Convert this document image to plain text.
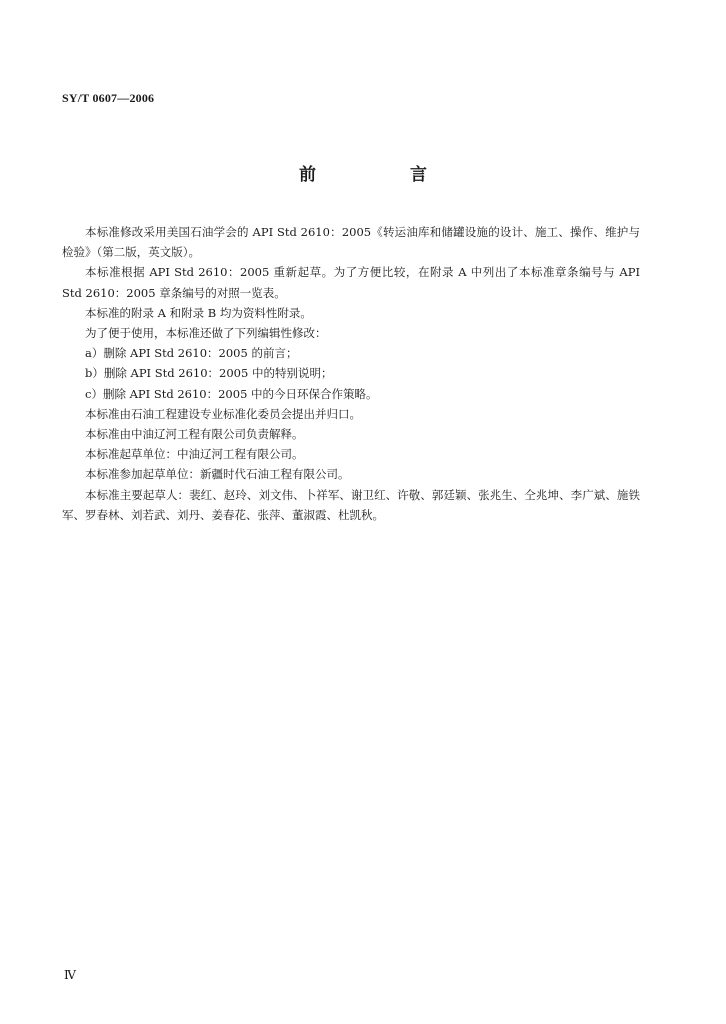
SY/T 0607—2006
前 言

本标准修改采用美国石油学会的 API Std 2610：2005《转运油库和储罐设施的设计、施工、操作、维护与检验》（第二版，英文版）。

本标准根据 API Std 2610：2005 重新起草。为了方便比较，在附录 A 中列出了本标准章条编号与 API Std 2610：2005 章条编号的对照一览表。

本标准的附录 A 和附录 B 均为资料性附录。

为了便于使用，本标准还做了下列编辑性修改：

a）删除 API Std 2610：2005 的前言；

b）删除 API Std 2610：2005 中的特别说明；

c）删除 API Std 2610：2005 中的今日环保合作策略。

本标准由石油工程建设专业标准化委员会提出并归口。

本标准由中油辽河工程有限公司负责解释。

本标准起草单位：中油辽河工程有限公司。

本标准参加起草单位：新疆时代石油工程有限公司。

本标准主要起草人：裴红、赵玲、刘文伟、卜祥军、谢卫红、许敬、郭廷颖、张兆生、仝兆坤、李广斌、施铁军、罗春林、刘若武、刘丹、姜春花、张萍、董淑霞、杜凯秋。

Ⅳ
